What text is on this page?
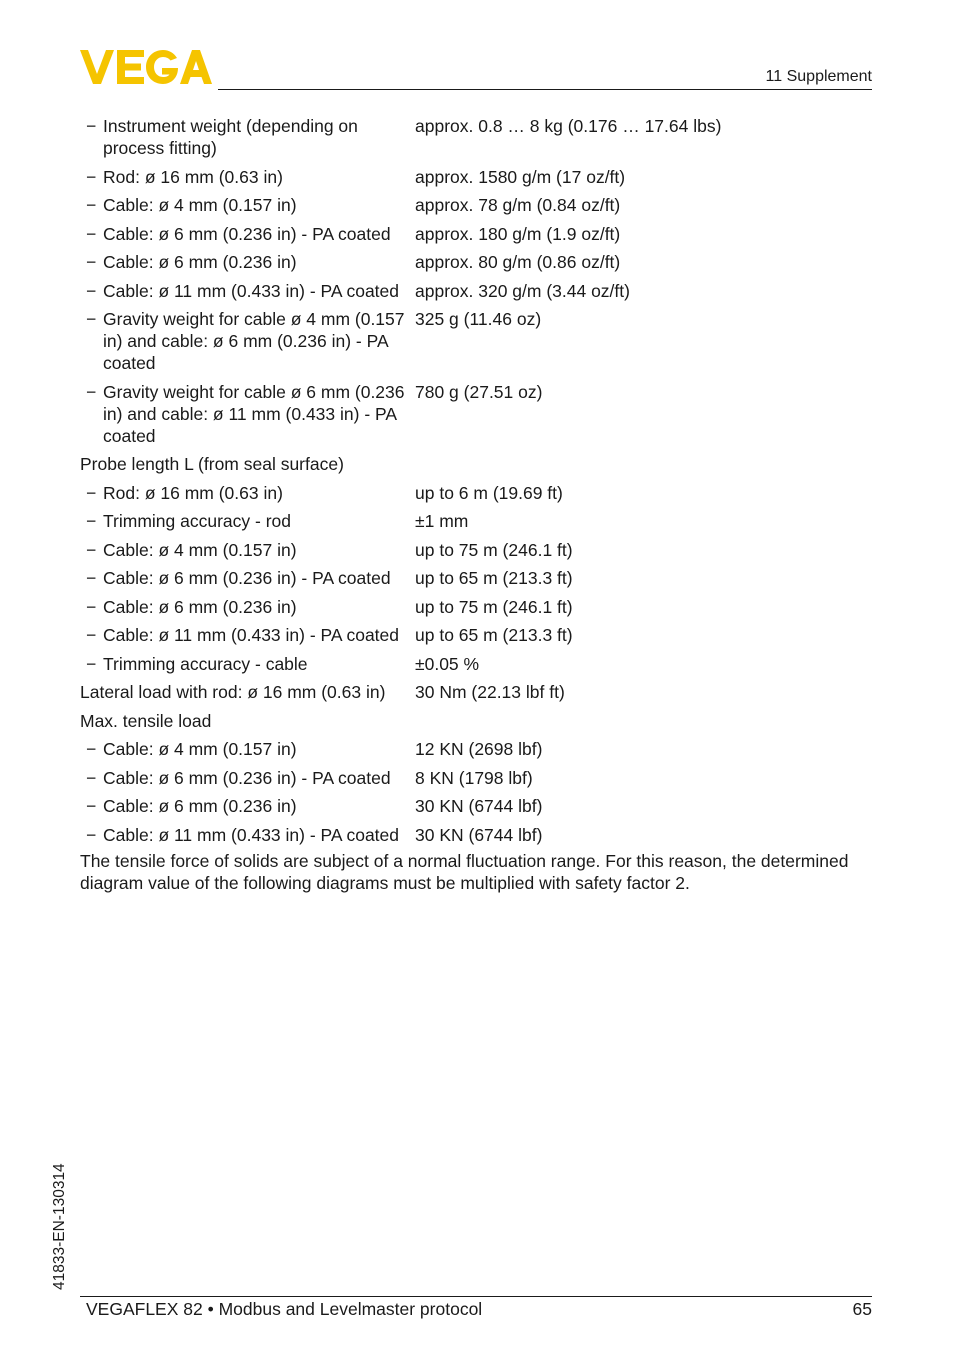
11 Supplement
− Instrument weight (depending on process fitting)
approx. 0.8 … 8 kg (0.176 … 17.64 lbs)
− Rod: ø 16 mm (0.63 in)	approx. 1580 g/m (17 oz/ft)
− Cable: ø 4 mm (0.157 in)	approx. 78 g/m (0.84 oz/ft)
− Cable: ø 6 mm (0.236 in) - PA coated	approx. 180 g/m (1.9 oz/ft)
− Cable: ø 6 mm (0.236 in)	approx. 80 g/m (0.86 oz/ft)
− Cable: ø 11 mm (0.433 in) - PA coated approx. 320 g/m (3.44 oz/ft)
− Gravity weight for cable ø 4 mm (0.157 in) and cable: ø 6 mm (0.236 in) - PA coated
325 g (11.46 oz)
− Gravity weight for cable ø 6 mm (0.236 in) and cable: ø 11 mm (0.433 in) - PA coated
780 g (27.51 oz)
Probe length L (from seal surface)
− Rod: ø 16 mm (0.63 in)	up to 6 m (19.69 ft)
− Trimming accuracy - rod	±1 mm
− Cable: ø 4 mm (0.157 in)	up to 75 m (246.1 ft)
− Cable: ø 6 mm (0.236 in) - PA coated	up to 65 m (213.3 ft)
− Cable: ø 6 mm (0.236 in)	up to 75 m (246.1 ft)
− Cable: ø 11 mm (0.433 in) - PA coated up to 65 m (213.3 ft)
− Trimming accuracy - cable	±0.05 %
Lateral load with rod: ø 16 mm (0.63 in)	30 Nm (22.13 lbf ft)
Max. tensile load
− Cable: ø 4 mm (0.157 in)	12 KN (2698 lbf)
− Cable: ø 6 mm (0.236 in) - PA coated	8 KN (1798 lbf)
− Cable: ø 6 mm (0.236 in)	30 KN (6744 lbf)
− Cable: ø 11 mm (0.433 in) - PA coated 30 KN (6744 lbf)
The tensile force of solids are subject of a normal fluctuation range. For this reason, the determined diagram value of the following diagrams must be multiplied with safety factor 2.
41833-EN-130314
VEGAFLEX 82 • Modbus and Levelmaster protocol	65
